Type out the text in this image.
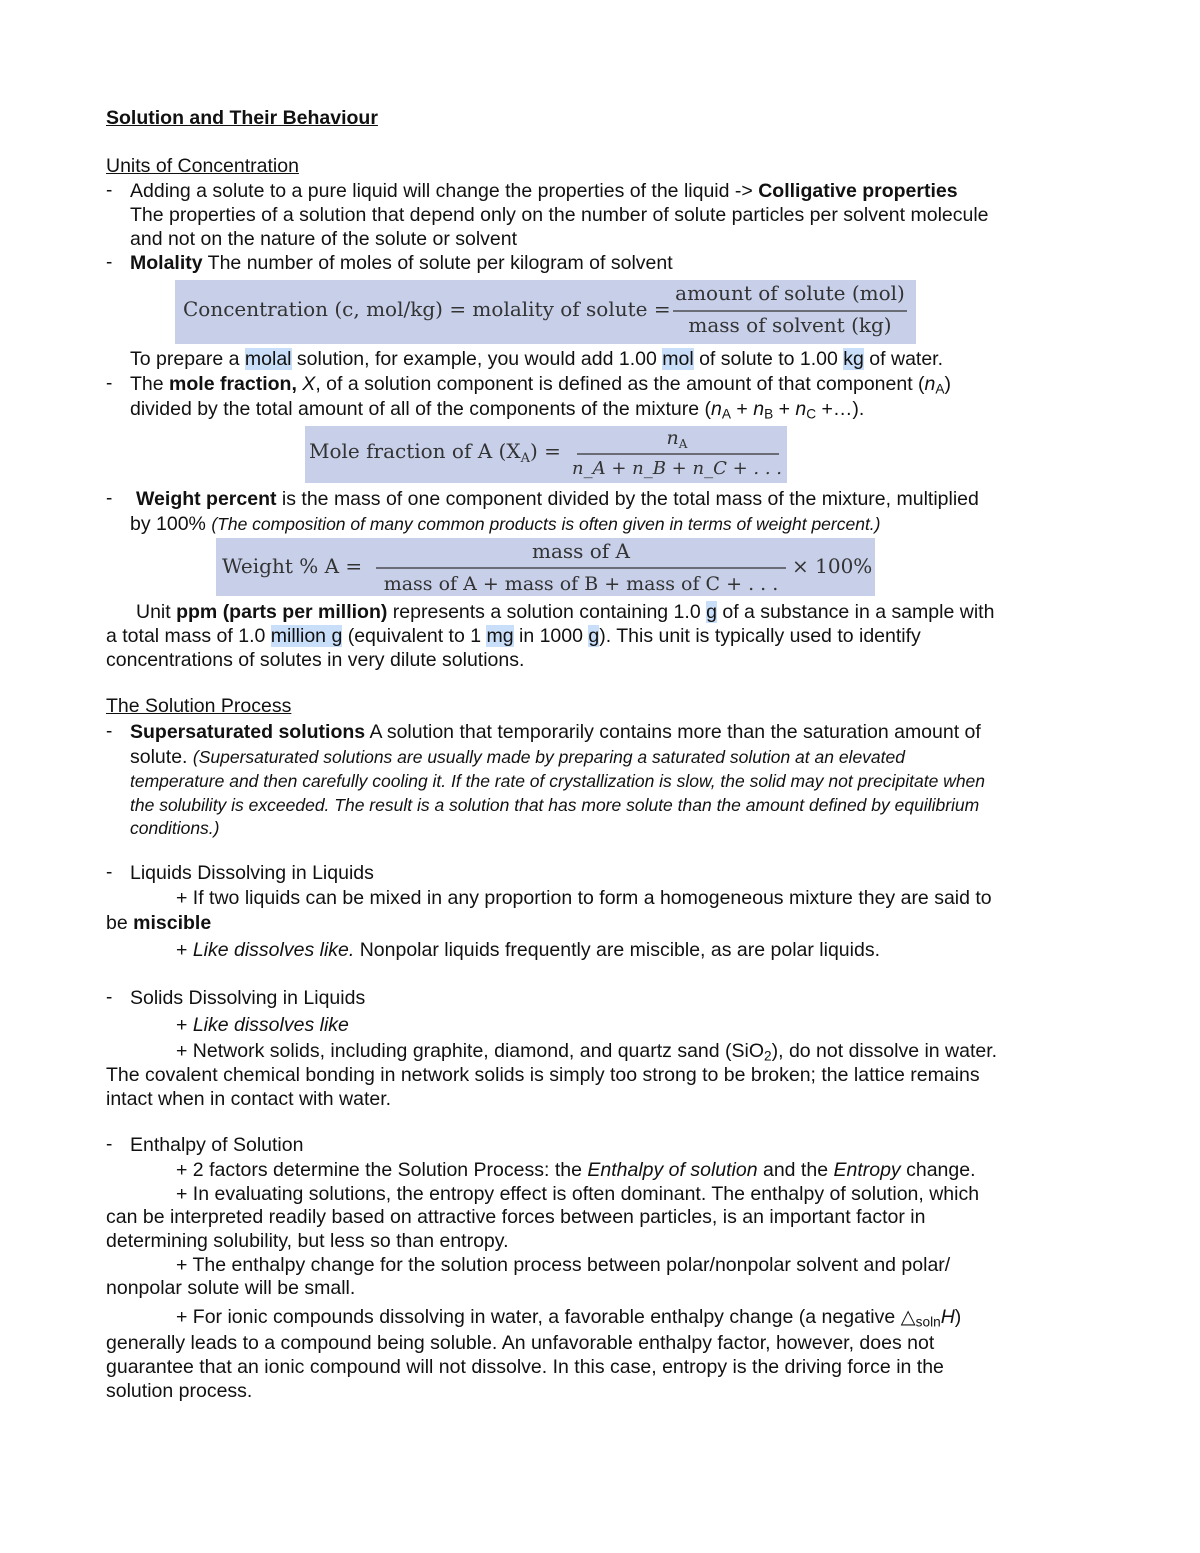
Solution and Their Behaviour
Units of Concentration
- Adding a solute to a pure liquid will change the properties of the liquid -> Colligative properties
The properties of a solution that depend only on the number of solute particles per solvent molecule
and not on the nature of the solute or solvent
- Molality The number of moles of solute per kilogram of solvent
Concentration (c, mol/kg) = molality of solute =
amount of solute (mol)
mass of solvent (kg)
To prepare a molal solution, for example, you would add 1.00 mol of solute to 1.00 kg of water.
- The mole fraction, X, of a solution component is defined as the amount of that component $(n_A)$
divided by the total amount of all of the components of the mixture ($n_A + n_B + n_C$ +…).
Mole fraction of A $(X_A)$ =
$n_A$
n_A + n_B + n_C + . . .
- Weight percent is the mass of one component divided by the total mass of the mixture, multiplied
by 100% (The composition of many common products is often given in terms of weight percent.)
Weight % A =
mass of A
mass of A + mass of B + mass of C + . . .
× 100%
Unit ppm (parts per million) represents a solution containing 1.0 g of a substance in a sample with
a total mass of 1.0 million g (equivalent to 1 mg in 1000 g). This unit is typically used to identify
concentrations of solutes in very dilute solutions.
The Solution Process
- Supersaturated solutions A solution that temporarily contains more than the saturation amount of
solute. (Supersaturated solutions are usually made by preparing a saturated solution at an elevated
temperature and then carefully cooling it. If the rate of crystallization is slow, the solid may not precipitate when
the solubility is exceeded. The result is a solution that has more solute than the amount defined by equilibrium
conditions.)
- Liquids Dissolving in Liquids
+ If two liquids can be mixed in any proportion to form a homogeneous mixture they are said to
be miscible
+ Like dissolves like. Nonpolar liquids frequently are miscible, as are polar liquids.
- Solids Dissolving in Liquids
+ Like dissolves like
+ Network solids, including graphite, diamond, and quartz sand (SiO$_2$), do not dissolve in water.
The covalent chemical bonding in network solids is simply too strong to be broken; the lattice remains
intact when in contact with water.
- Enthalpy of Solution
+ 2 factors determine the Solution Process: the Enthalpy of solution and the Entropy change.
+ In evaluating solutions, the entropy effect is often dominant. The enthalpy of solution, which
can be interpreted readily based on attractive forces between particles, is an important factor in
determining solubility, but less so than entropy.
+ The enthalpy change for the solution process between polar/nonpolar solvent and polar/
nonpolar solute will be small.
+ For ionic compounds dissolving in water, a favorable enthalpy change (a negative $\triangle_{soln}H$)
generally leads to a compound being soluble. An unfavorable enthalpy factor, however, does not
guarantee that an ionic compound will not dissolve. In this case, entropy is the driving force in the
solution process.
